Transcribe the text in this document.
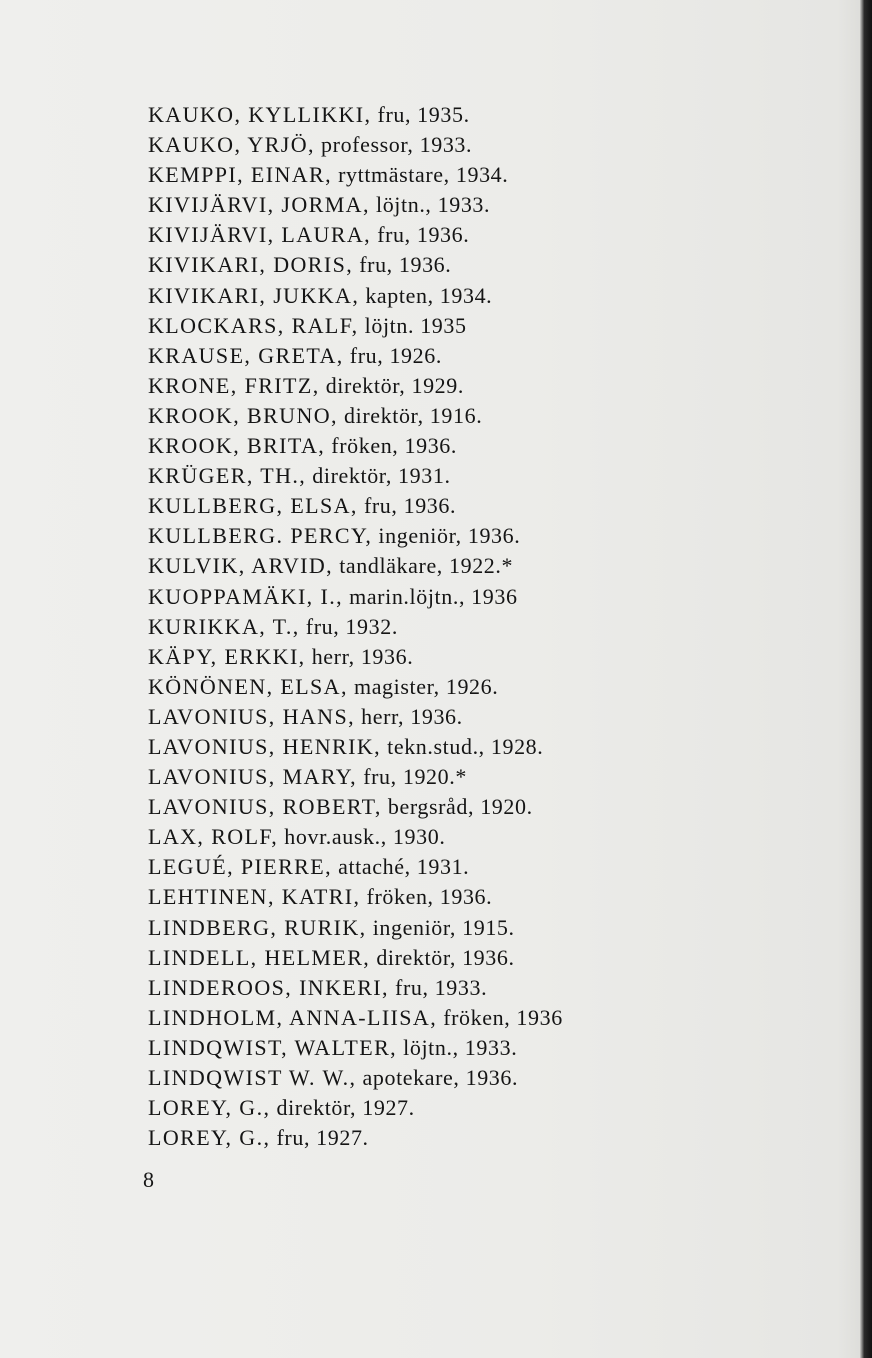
KAUKO, KYLLIKKI, fru, 1935.
KAUKO, YRJÖ, professor, 1933.
KEMPPI, EINAR, ryttmästare, 1934.
KIVIJÄRVI, JORMA, löjtn., 1933.
KIVIJÄRVI, LAURA, fru, 1936.
KIVIKARI, DORIS, fru, 1936.
KIVIKARI, JUKKA, kapten, 1934.
KLOCKARS, RALF, löjtn. 1935
KRAUSE, GRETA, fru, 1926.
KRONE, FRITZ, direktör, 1929.
KROOK, BRUNO, direktör, 1916.
KROOK, BRITA, fröken, 1936.
KRÜGER, TH., direktör, 1931.
KULLBERG, ELSA, fru, 1936.
KULLBERG. PERCY, ingeniör, 1936.
KULVIK, ARVID, tandläkare, 1922.*
KUOPPAMÄKI, I., marin.löjtn., 1936
KURIKKA, T., fru, 1932.
KÄPY, ERKKI, herr, 1936.
KÖNÖNEN, ELSA, magister, 1926.
LAVONIUS, HANS, herr, 1936.
LAVONIUS, HENRIK, tekn.stud., 1928.
LAVONIUS, MARY, fru, 1920.*
LAVONIUS, ROBERT, bergsråd, 1920.
LAX, ROLF, hovr.ausk., 1930.
LEGUÉ, PIERRE, attaché, 1931.
LEHTINEN, KATRI, fröken, 1936.
LINDBERG, RURIK, ingeniör, 1915.
LINDELL, HELMER, direktör, 1936.
LINDEROOS, INKERI, fru, 1933.
LINDHOLM, ANNA-LIISA, fröken, 1936
LINDQWIST, WALTER, löjtn., 1933.
LINDQWIST W. W., apotekare, 1936.
LOREY, G., direktör, 1927.
LOREY, G., fru, 1927.
8
